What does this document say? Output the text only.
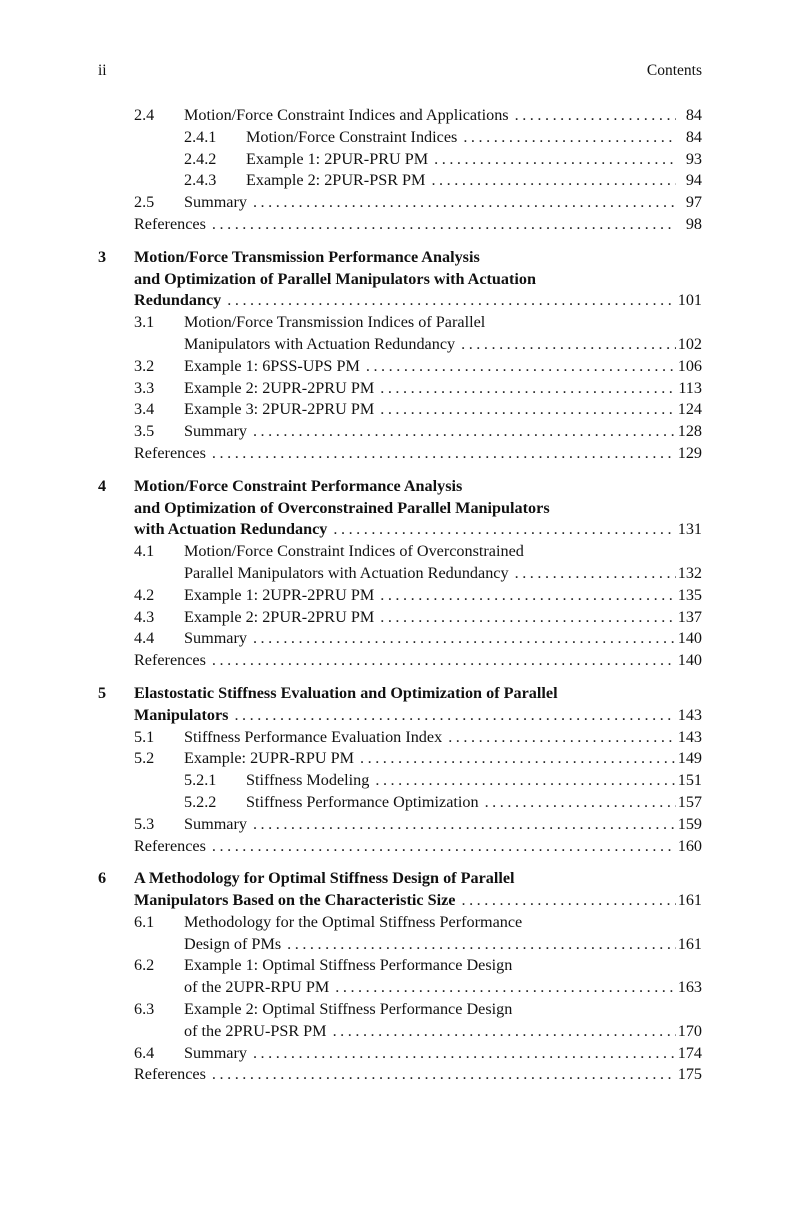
ii	Contents
2.4 Motion/Force Constraint Indices and Applications . . .	84
2.4.1 Motion/Force Constraint Indices . . .	84
2.4.2 Example 1: 2PUR-PRU PM . . .	93
2.4.3 Example 2: 2PUR-PSR PM . . .	94
2.5 Summary . . .	97
References . . .	98
3 Motion/Force Transmission Performance Analysis
and Optimization of Parallel Manipulators with Actuation
Redundancy . . .	101
3.1 Motion/Force Transmission Indices of Parallel
Manipulators with Actuation Redundancy . . .	102
3.2 Example 1: 6PSS-UPS PM . . .	106
3.3 Example 2: 2UPR-2PRU PM . . .	113
3.4 Example 3: 2PUR-2PRU PM . . .	124
3.5 Summary . . .	128
References . . .	129
4 Motion/Force Constraint Performance Analysis
and Optimization of Overconstrained Parallel Manipulators
with Actuation Redundancy . . .	131
4.1 Motion/Force Constraint Indices of Overconstrained
Parallel Manipulators with Actuation Redundancy . . .	132
4.2 Example 1: 2UPR-2PRU PM . . .	135
4.3 Example 2: 2PUR-2PRU PM . . .	137
4.4 Summary . . .	140
References . . .	140
5 Elastostatic Stiffness Evaluation and Optimization of Parallel
Manipulators . . .	143
5.1 Stiffness Performance Evaluation Index . . .	143
5.2 Example: 2UPR-RPU PM . . .	149
5.2.1 Stiffness Modeling . . .	151
5.2.2 Stiffness Performance Optimization . . .	157
5.3 Summary . . .	159
References . . .	160
6 A Methodology for Optimal Stiffness Design of Parallel
Manipulators Based on the Characteristic Size . . .	161
6.1 Methodology for the Optimal Stiffness Performance
Design of PMs . . .	161
6.2 Example 1: Optimal Stiffness Performance Design
of the 2UPR-RPU PM . . .	163
6.3 Example 2: Optimal Stiffness Performance Design
of the 2PRU-PSR PM . . .	170
6.4 Summary . . .	174
References . . .	175
